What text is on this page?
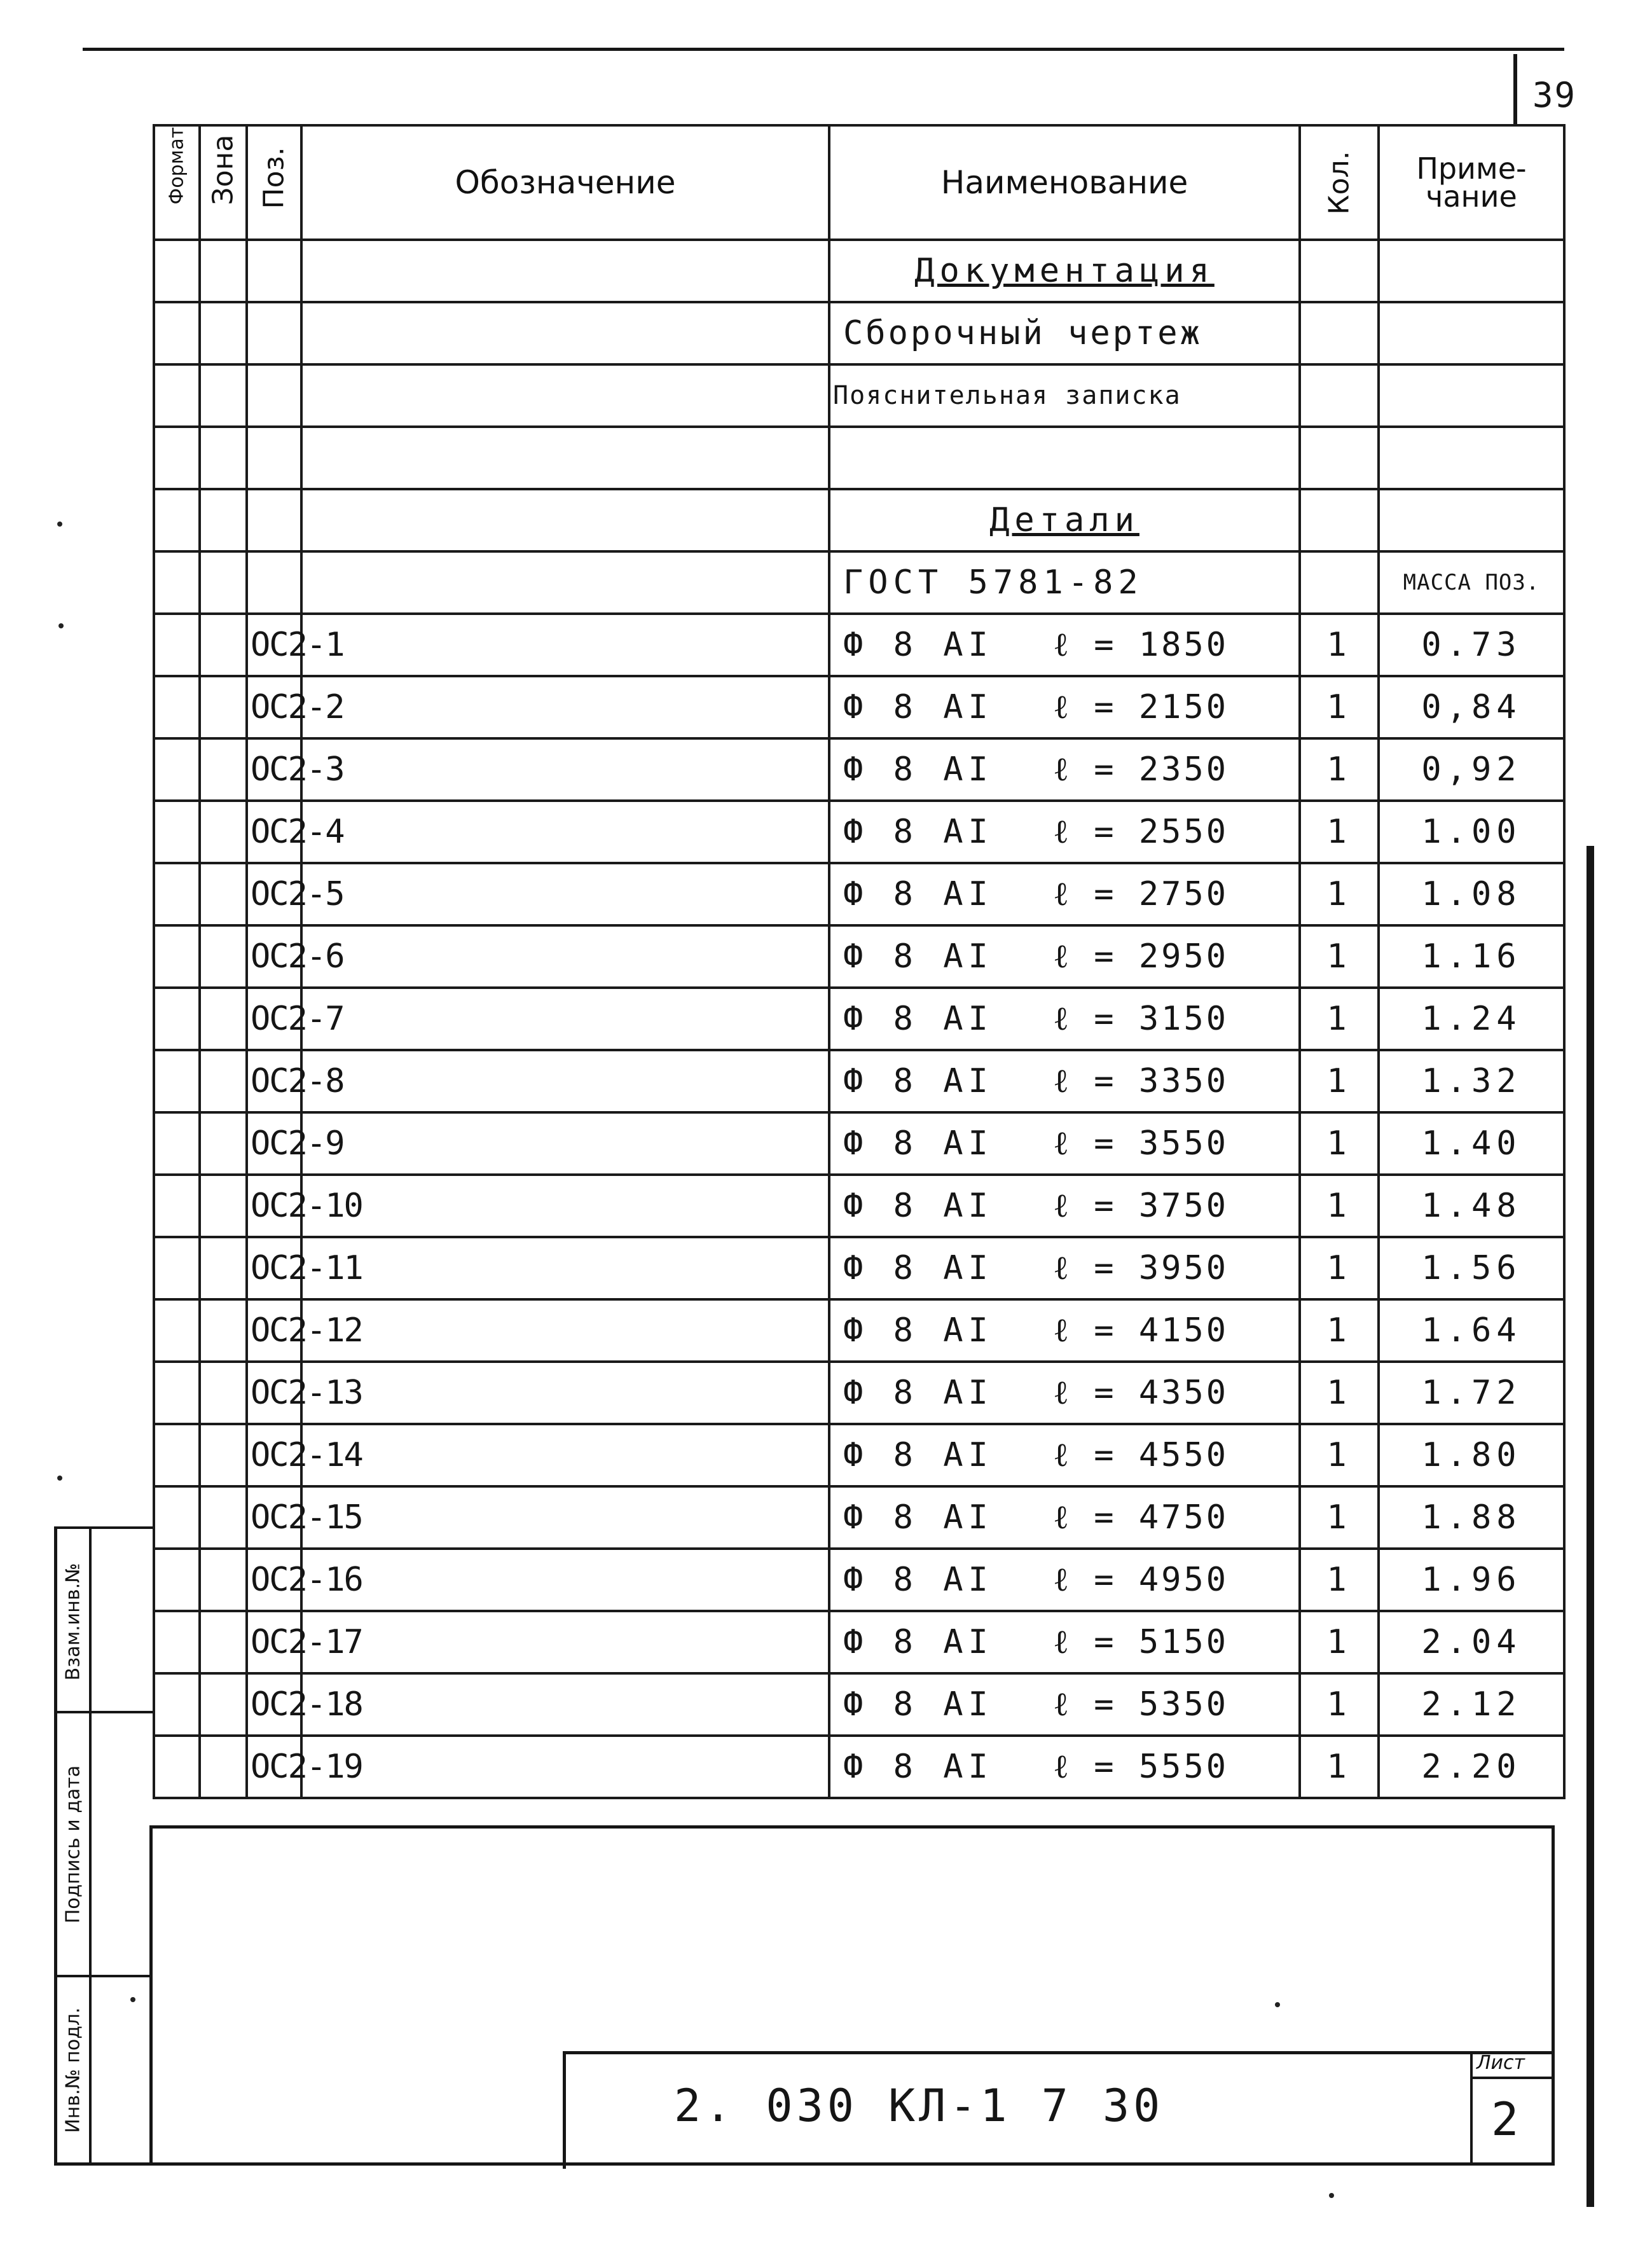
39
Взам.инв.№
Подпись и дата
Инв.№ подл.
Формат	Зона	Поз.	Обозначение	Наименование	Кол.	Приме-
чание
				Документация		
				Сборочный чертеж		
				Пояснительная записка		

				Детали		
				ГОСТ 5781-82		МАССА ПОЗ.
		ОС2-1		Ф 8 АI ℓ = 1850	1	0.73
		ОС2-2		Ф 8 АI ℓ = 2150	1	0,84
		ОС2-3		Ф 8 АI ℓ = 2350	1	0,92
		ОС2-4		Ф 8 АI ℓ = 2550	1	1.00
		ОС2-5		Ф 8 АI ℓ = 2750	1	1.08
		ОС2-6		Ф 8 АI ℓ = 2950	1	1.16
		ОС2-7		Ф 8 АI ℓ = 3150	1	1.24
		ОС2-8		Ф 8 АI ℓ = 3350	1	1.32
		ОС2-9		Ф 8 АI ℓ = 3550	1	1.40
		ОС2-10		Ф 8 АI ℓ = 3750	1	1.48
		ОС2-11		Ф 8 АI ℓ = 3950	1	1.56
		ОС2-12		Ф 8 АI ℓ = 4150	1	1.64
		ОС2-13		Ф 8 АI ℓ = 4350	1	1.72
		ОС2-14		Ф 8 АI ℓ = 4550	1	1.80
		ОС2-15		Ф 8 АI ℓ = 4750	1	1.88
		ОС2-16		Ф 8 АI ℓ = 4950	1	1.96
		ОС2-17		Ф 8 АI ℓ = 5150	1	2.04
		ОС2-18		Ф 8 АI ℓ = 5350	1	2.12
		ОС2-19		Ф 8 АI ℓ = 5550	1	2.20
2. 030 КЛ-1 7 30
Лист
2
